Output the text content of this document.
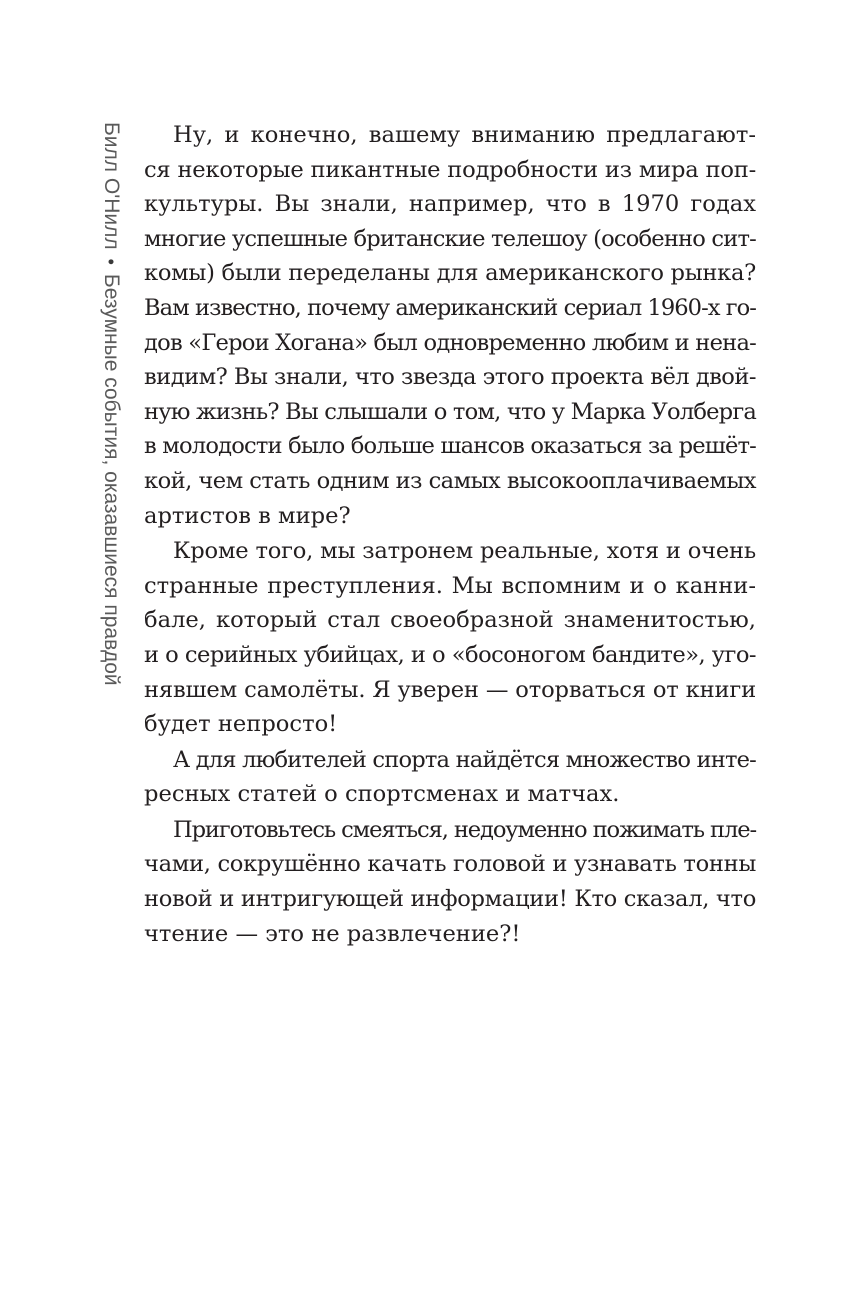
Билл О'Нилл•Безумные события, оказавшиеся правдой
Ну, и конечно, вашему вниманию предлагают-
ся некоторые пикантные подробности из мира поп-
культуры. Вы знали, например, что в 1970 годах
многие успешные британские телешоу (особенно сит-
комы) были переделаны для американского рынка?
Вам известно, почему американский сериал 1960-х го-
дов «Герои Хогана» был одновременно любим и нена-
видим? Вы знали, что звезда этого проекта вёл двой-
ную жизнь? Вы слышали о том, что у Марка Уолберга
в молодости было больше шансов оказаться за решёт-
кой, чем стать одним из самых высокооплачиваемых
артистов в мире?
Кроме того, мы затронем реальные, хотя и очень
странные преступления. Мы вспомним и о канни-
бале, который стал своеобразной знаменитостью,
и о серийных убийцах, и о «босоногом бандите», уго-
нявшем самолёты. Я уверен — оторваться от книги
будет непросто!
А для любителей спорта найдётся множество инте-
ресных статей о спортсменах и матчах.
Приготовьтесь смеяться, недоуменно пожимать пле-
чами, сокрушённо качать головой и узнавать тонны
новой и интригующей информации! Кто сказал, что
чтение — это не развлечение?!
